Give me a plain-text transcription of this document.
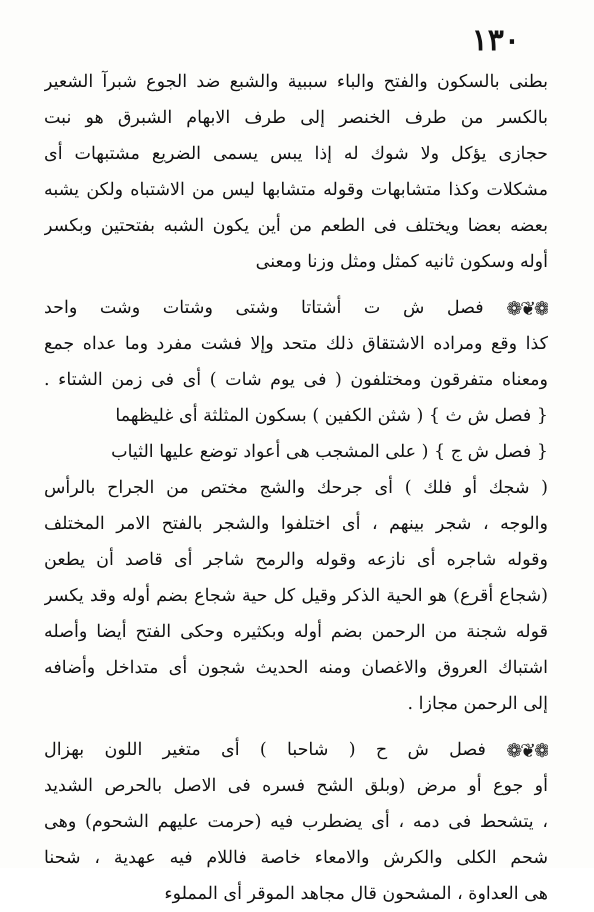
١٣٠
بطنى بالسكون والفتح والباء سببية والشبع ضد الجوع شبرآ الشعير
بالكسر من طرف الخنصر إلى طرف الابهام الشبرق هو نبت
حجازى يؤكل ولا شوك له إذا يبس يسمى الضريع مشتبهات أى
مشكلات وكذا متشابهات وقوله متشابها ليس من الاشتباه ولكن يشبه
بعضه بعضا ويختلف فى الطعم من أين يكون الشبه بفتحتين وبكسر
أوله وسكون ثانيه كمثل ومثل وزنا ومعنى
❁❦❁ فصل ش ت أشتاتا وشتى وشتات وشت واحد
كذا وقع ومراده الاشتقاق ذلك متحد وإلا فشت مفرد وما عداه جمع
ومعناه متفرقون ومختلفون ( فى يوم شات ) أى فى زمن الشتاء .
{ فصل ش ث } ( شثن الكفين ) بسكون المثلثة أى غليظهما
{ فصل ش ج } ( على المشجب هى أعواد توضع عليها الثياب
( شجك أو فلك ) أى جرحك والشج مختص من الجراح بالرأس
والوجه ، شجر بينهم ، أى اختلفوا والشجر بالفتح الامر المختلف
وقوله شاجره أى نازعه وقوله والرمح شاجر أى قاصد أن يطعن
(شجاع أقرع) هو الحية الذكر وقيل كل حية شجاع بضم أوله وقد يكسر
قوله شجنة من الرحمن بضم أوله وبكثيره وحكى الفتح أيضا وأصله
اشتباك العروق والاغصان ومنه الحديث شجون أى متداخل وأضافه
إلى الرحمن مجازا .
❁❦❁ فصل ش ح ( شاحبا ) أى متغير اللون بهزال
أو جوع أو مرض (وبلق الشح فسره فى الاصل بالحرص الشديد
، يتشحط فى دمه ، أى يضطرب فيه (حرمت عليهم الشحوم) وهى
شحم الكلى والكرش والامعاء خاصة فاللام فيه عهدية ، شحنا
هى العداوة ، المشحون قال مجاهد الموقر أى المملوء
